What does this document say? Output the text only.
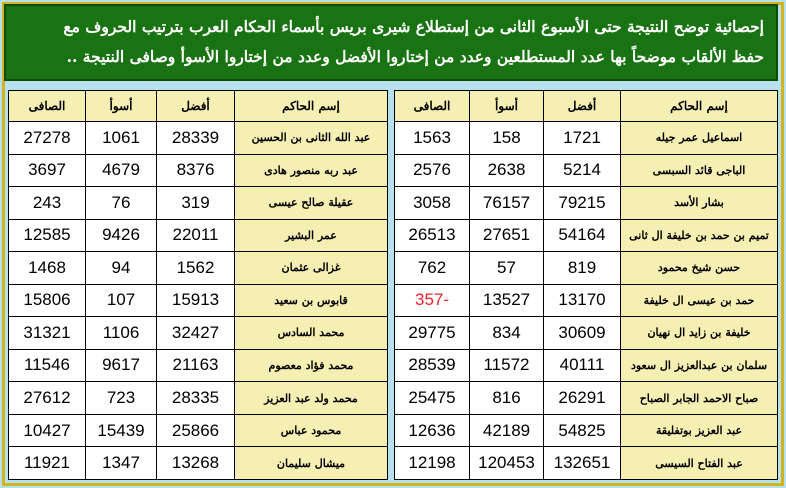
إحصائية توضح النتيجة حتى الأسبوع الثانى من إستطلاع شيرى بريس بأسماء الحكام العرب بترتيب الحروف مع
حفظ الألقاب موضحاً بها عدد المستطلعين وعدد من إختاروا الأفضل وعدد من إختاروا الأسوأ وصافى النتيجة ..
الصافى	أسوأ	أفضل	إسم الحاكم
27278	1061	28339	عبد الله الثانى بن الحسين
3697	4679	8376	عبد ربه منصور هادى
243	76	319	عقيلة صالح عيسى
12585	9426	22011	عمر البشير
1468	94	1562	غزالى عثمان
15806	107	15913	قابوس بن سعيد
31321	1106	32427	محمد السادس
11546	9617	21163	محمد فؤاد معصوم
27612	723	28335	محمد ولد عبد العزيز
10427	15439	25866	محمود عباس
11921	1347	13268	ميشال سليمان
الصافى	أسوأ	أفضل	إسم الحاكم
1563	158	1721	اسماعيل عمر جيله
2576	2638	5214	الباجى قائد السبسى
3058	76157	79215	بشار الأسد
26513	27651	54164	تميم بن حمد بن خليفة ال ثانى
762	57	819	حسن شيخ محمود
357-	13527	13170	حمد بن عيسى ال خليفة
29775	834	30609	خليفة بن زايد ال نهيان
28539	11572	40111	سلمان بن عبدالعزيز ال سعود
25475	816	26291	صباح الاحمد الجابر الصباح
12636	42189	54825	عبد العزيز بوتفليقة
12198	120453	132651	عبد الفتاح السيسى
